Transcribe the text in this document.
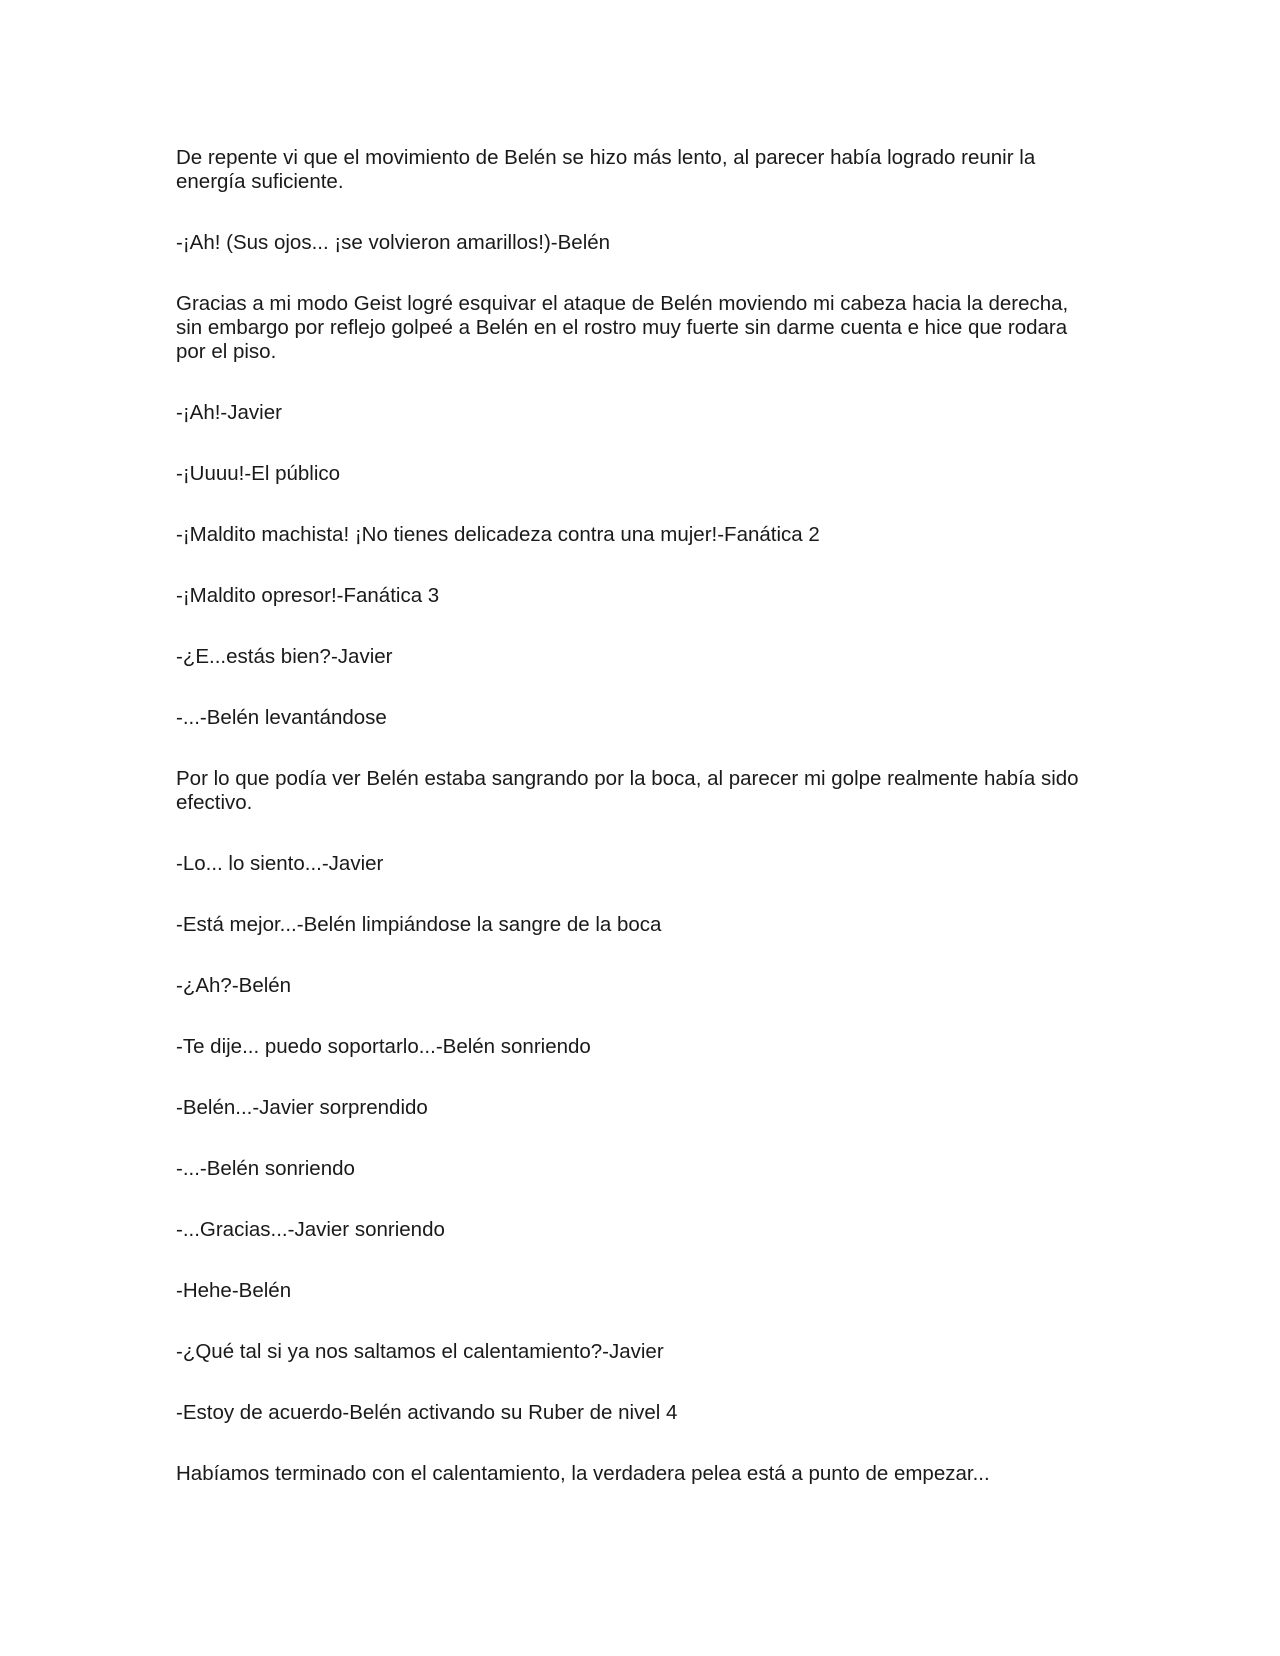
De repente vi que el movimiento de Belén se hizo más lento, al parecer había logrado reunir la
energía suficiente.

-¡Ah! (Sus ojos... ¡se volvieron amarillos!)-Belén

Gracias a mi modo Geist logré esquivar el ataque de Belén moviendo mi cabeza hacia la derecha,
sin embargo por reflejo golpeé a Belén en el rostro muy fuerte sin darme cuenta e hice que rodara
por el piso.

-¡Ah!-Javier

-¡Uuuu!-El público

-¡Maldito machista! ¡No tienes delicadeza contra una mujer!-Fanática 2

-¡Maldito opresor!-Fanática 3

-¿E...estás bien?-Javier

-...-Belén levantándose

Por lo que podía ver Belén estaba sangrando por la boca, al parecer mi golpe realmente había sido
efectivo.

-Lo... lo siento...-Javier

-Está mejor...-Belén limpiándose la sangre de la boca

-¿Ah?-Belén

-Te dije... puedo soportarlo...-Belén sonriendo

-Belén...-Javier sorprendido

-...-Belén sonriendo

-...Gracias...-Javier sonriendo

-Hehe-Belén

-¿Qué tal si ya nos saltamos el calentamiento?-Javier

-Estoy de acuerdo-Belén activando su Ruber de nivel 4

Habíamos terminado con el calentamiento, la verdadera pelea está a punto de empezar...
